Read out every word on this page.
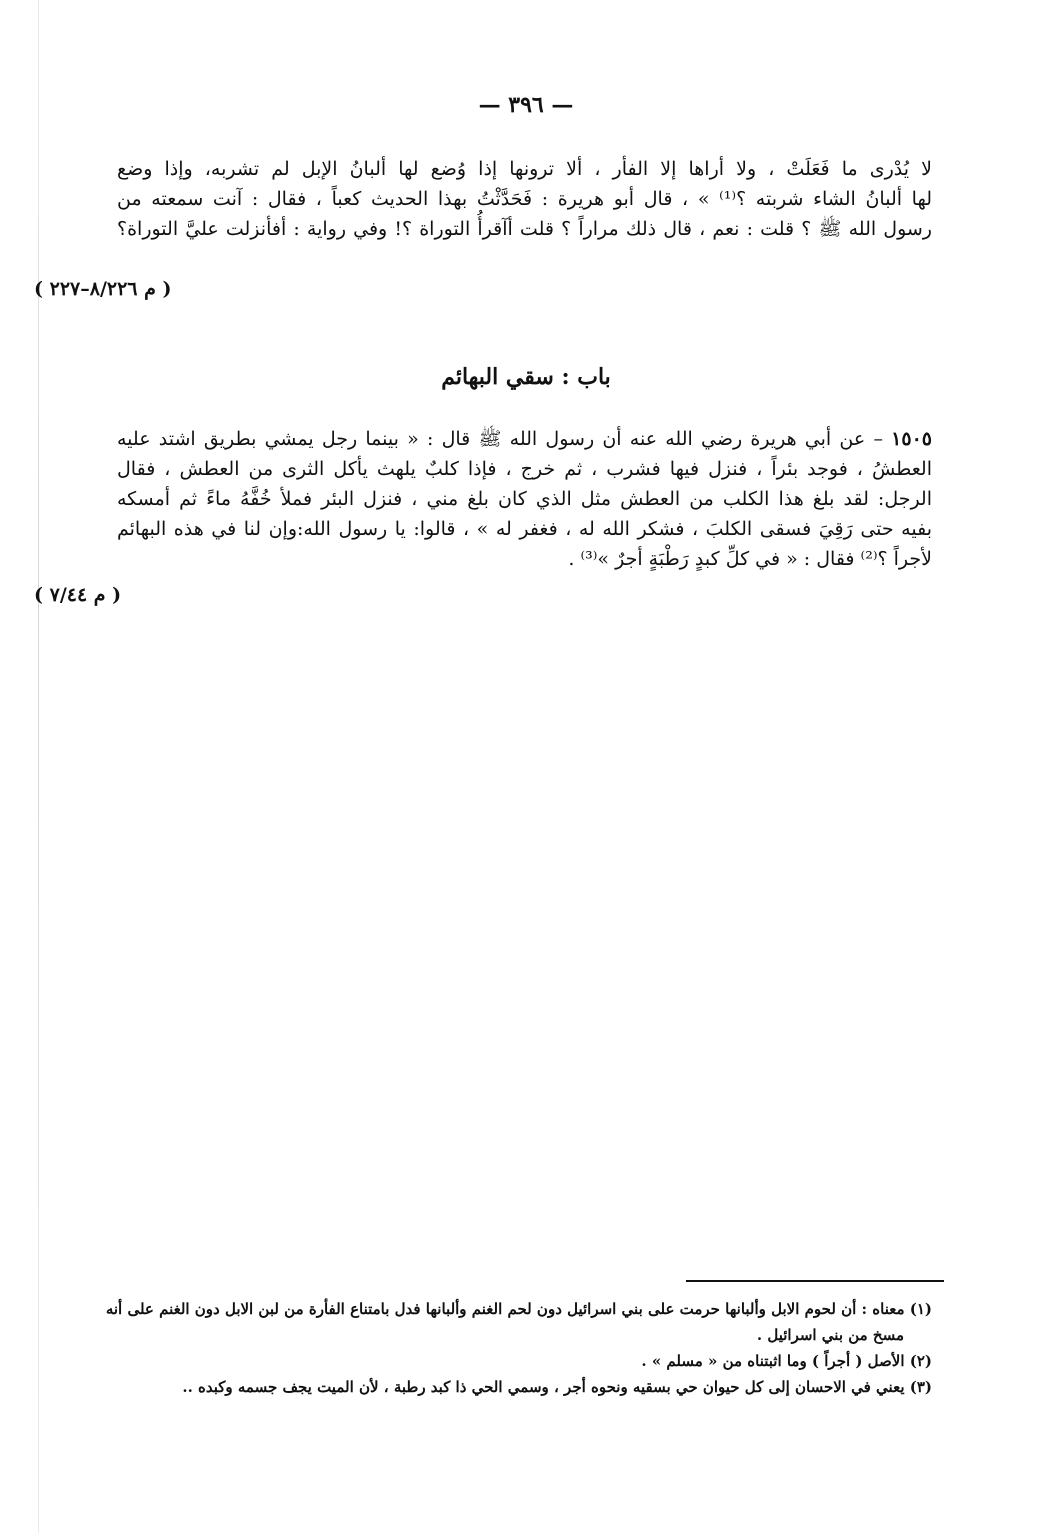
— ٣٩٦ —
لا يُدْرى ما فَعَلَتْ ، ولا أراها إلا الفأر ، ألا ترونها إذا وُضع لها ألبانُ الإبل لم تشربه، وإذا وضع
لها ألبانُ الشاء شربته ؟⁽¹⁾ » ، قال أبو هريرة : فَحَدَّثْتُ بهذا الحديث كعباً ، فقال : آنت سمعته من
رسول الله ﷺ ؟ قلت : نعم ، قال ذلك مراراً ؟ قلت أآقرأُ التوراة ؟! وفي رواية : أفأنزلت عليَّ التوراة؟
( م ٨/٢٢٦–٢٢٧ )
باب : سقي البهائم
١٥٠٥ – عن أبي هريرة رضي الله عنه أن رسول الله ﷺ قال : « بينما رجل يمشي بطريق اشتد عليه
العطشُ ، فوجد بئراً ، فنزل فيها فشرب ، ثم خرج ، فإذا كلبٌ يلهث يأكل الثرى من العطش ، فقال
الرجل: لقد بلغ هذا الكلب من العطش مثل الذي كان بلغ مني ، فنزل البئر فملأ خُفَّهُ ماءً ثم أمسكه
بفيه حتى رَقِيَ فسقى الكلبَ ، فشكر الله له ، فغفر له » ، قالوا: يا رسول الله:وإن لنا في هذه البهائم
لأجراً ؟⁽²⁾ فقال : « في كلِّ كبدٍ رَطْبَةٍ أجرٌ »⁽³⁾ .
( م ٧/٤٤ )
(١) معناه : أن لحوم الابل وألبانها حرمت على بني اسرائيل دون لحم الغنم وألبانها فدل بامتناع الفأرة من لبن الابل دون الغنم على أنه
مسخ من بني اسرائيل .
(٢) الأصل ( أجراً ) وما اثبتناه من « مسلم » .
(٣) يعني في الاحسان إلى كل حيوان حي بسقيه ونحوه أجر ، وسمي الحي ذا كبد رطبة ، لأن الميت يجف جسمه وكبده ..
